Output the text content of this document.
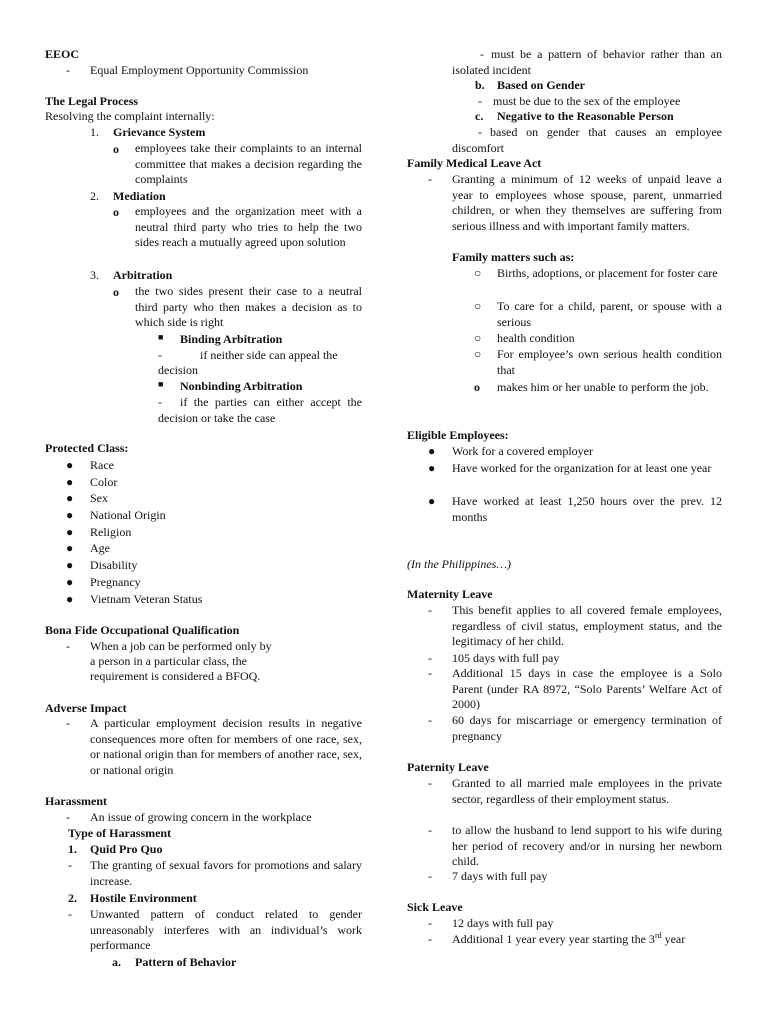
EEOC
- Equal Employment Opportunity Commission
The Legal Process
Resolving the complaint internally:
1. Grievance System
o employees take their complaints to an internal committee that makes a decision regarding the complaints
2. Mediation
o employees and the organization meet with a neutral third party who tries to help the two sides reach a mutually agreed upon solution
3. Arbitration
o the two sides present their case to a neutral third party who then makes a decision as to which side is right
■ Binding Arbitration
-	if neither side can appeal the
decision
■ Nonbinding Arbitration
-	if the parties can either accept the decision or take the case
Protected Class:
● Race
● Color
● Sex
● National Origin
● Religion
● Age
● Disability
● Pregnancy
● Vietnam Veteran Status
Bona Fide Occupational Qualification
- When a job can be performed only by
a person in a particular class, the
requirement is considered a BFOQ.
Adverse Impact
- A particular employment decision results in negative consequences more often for members of one race, sex, or national origin than for members of another race, sex, or national origin
Harassment
- An issue of growing concern in the workplace
Type of Harassment
1. Quid Pro Quo
- The granting of sexual favors for promotions and salary increase.
2. Hostile Environment
- Unwanted pattern of conduct related to gender unreasonably interferes with an individual’s work performance
a. Pattern of Behavior
- must be a pattern of behavior rather than an isolated incident
b. Based on Gender
- must be due to the sex of the employee
c. Negative to the Reasonable Person
- based on gender that causes an employee discomfort
Family Medical Leave Act
- Granting a minimum of 12 weeks of unpaid leave a year to employees whose spouse, parent, unmarried children, or when they themselves are suffering from serious illness and with important family matters.
Family matters such as:
○ Births, adoptions, or placement for foster care
○ To care for a child, parent, or spouse with a serious
○ health condition
○ For employee’s own serious health condition that
o makes him or her unable to perform the job.
Eligible Employees:
● Work for a covered employer
● Have worked for the organization for at least one year
● Have worked at least 1,250 hours over the prev. 12 months
(In the Philippines…)
Maternity Leave
- This benefit applies to all covered female employees, regardless of civil status, employment status, and the legitimacy of her child.
- 105 days with full pay
- Additional 15 days in case the employee is a Solo Parent (under RA 8972, “Solo Parents’ Welfare Act of 2000)
- 60 days for miscarriage or emergency termination of pregnancy
Paternity Leave
- Granted to all married male employees in the private sector, regardless of their employment status.
- to allow the husband to lend support to his wife during her period of recovery and/or in nursing her newborn child.
- 7 days with full pay
Sick Leave
- 12 days with full pay
- Additional 1 year every year starting the 3rd year
